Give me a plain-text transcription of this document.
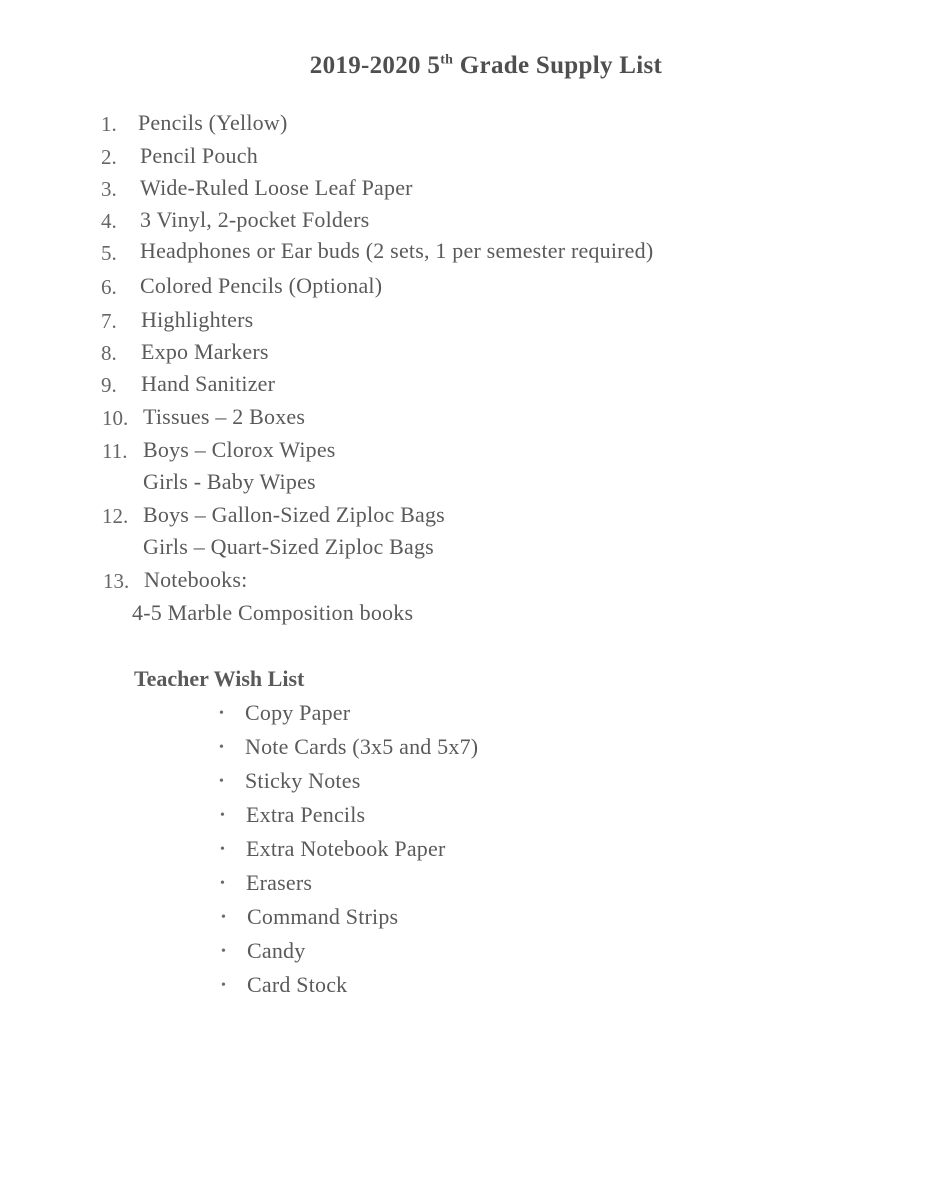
2019-2020 5th Grade Supply List
1. Pencils (Yellow)
2. Pencil Pouch
3. Wide-Ruled Loose Leaf Paper
4. 3 Vinyl, 2-pocket Folders
5. Headphones or Ear buds (2 sets, 1 per semester required)
6. Colored Pencils (Optional)
7. Highlighters
8. Expo Markers
9. Hand Sanitizer
10. Tissues – 2 Boxes
11. Boys – Clorox Wipes
Girls - Baby Wipes
12. Boys – Gallon-Sized Ziploc Bags
Girls – Quart-Sized Ziploc Bags
13. Notebooks:
4-5 Marble Composition books
Teacher Wish List
• Copy Paper
• Note Cards (3x5 and 5x7)
• Sticky Notes
• Extra Pencils
• Extra Notebook Paper
• Erasers
• Command Strips
• Candy
• Card Stock
